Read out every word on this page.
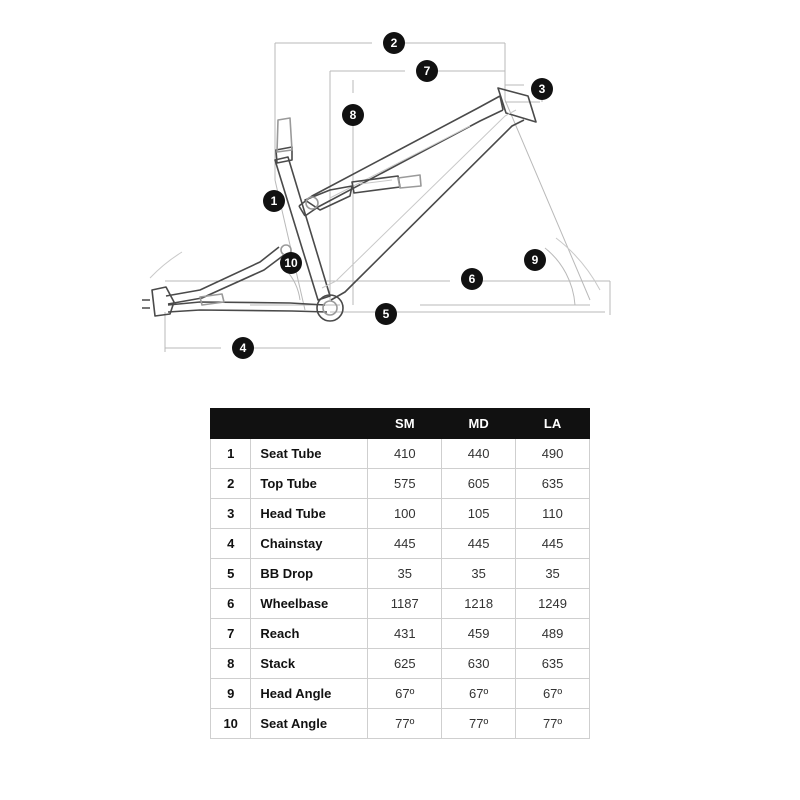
1
2
3
4
5
6
7
8
9
10
		SM	MD	LA
1	Seat Tube	410	440	490
2	Top Tube	575	605	635
3	Head Tube	100	105	110
4	Chainstay	445	445	445
5	BB Drop	35	35	35
6	Wheelbase	1187	1218	1249
7	Reach	431	459	489
8	Stack	625	630	635
9	Head Angle	67º	67º	67º
10	Seat Angle	77º	77º	77º
